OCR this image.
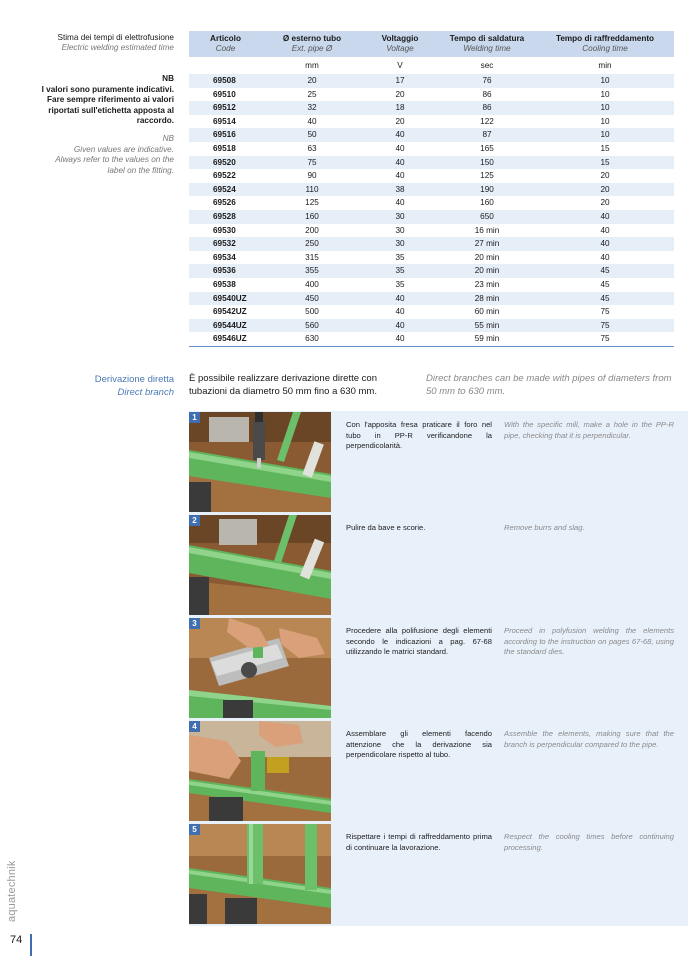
Stima dei tempi di elettrofusione
Electric welding estimated time
NB
I valori sono puramente indicativi.
Fare sempre riferimento ai valori
riportati sull'etichetta apposta al
raccordo.
NB
Given values are indicative.
Always refer to the values on the
label on the fitting.
Articolo	Ø esterno tubo	Voltaggio	Tempo di saldatura	Tempo di raffreddamento
Code	Ext. pipe Ø	Voltage	Welding time	Cooling time
	mm	V	sec	min
69508	20	17	76	10
69510	25	20	86	10
69512	32	18	86	10
69514	40	20	122	10
69516	50	40	87	10
69518	63	40	165	15
69520	75	40	150	15
69522	90	40	125	20
69524	110	38	190	20
69526	125	40	160	20
69528	160	30	650	40
69530	200	30	16 min	40
69532	250	30	27 min	40
69534	315	35	20 min	40
69536	355	35	20 min	45
69538	400	35	23 min	45
69540UZ	450	40	28 min	45
69542UZ	500	40	60 min	75
69544UZ	560	40	55 min	75
69546UZ	630	40	59 min	75
Derivazione diretta
Direct branch
È possibile realizzare derivazione dirette con tubazioni da diametro 50 mm fino a 630 mm.
Direct branches can be made with pipes of diameters from 50 mm to 630 mm.
1
Con l'apposita fresa praticare il foro nel tubo in PP-R verificandone la perpendicolarità.
With the specific mill, make a hole in the PP-R pipe, checking that it is perpendicular.
2
Pulire da bave e scorie.	Remove burrs and slag.
3
Procedere alla polifusione degli elementi secondo le indicazioni a pag. 67-68 utilizzando le matrici standard.
Proceed in polyfusion welding the elements according to the instruction on pages 67-68, using the standard dies.
4
Assemblare gli elementi facendo attenzione che la derivazione sia perpendicolare rispetto al tubo.
Assemble the elements, making sure that the branch is perpendicular compared to the pipe.
5
Rispettare i tempi di raffreddamento prima di continuare la lavorazione.
Respect the cooling times before continuing processing.
aquatechnik
74
